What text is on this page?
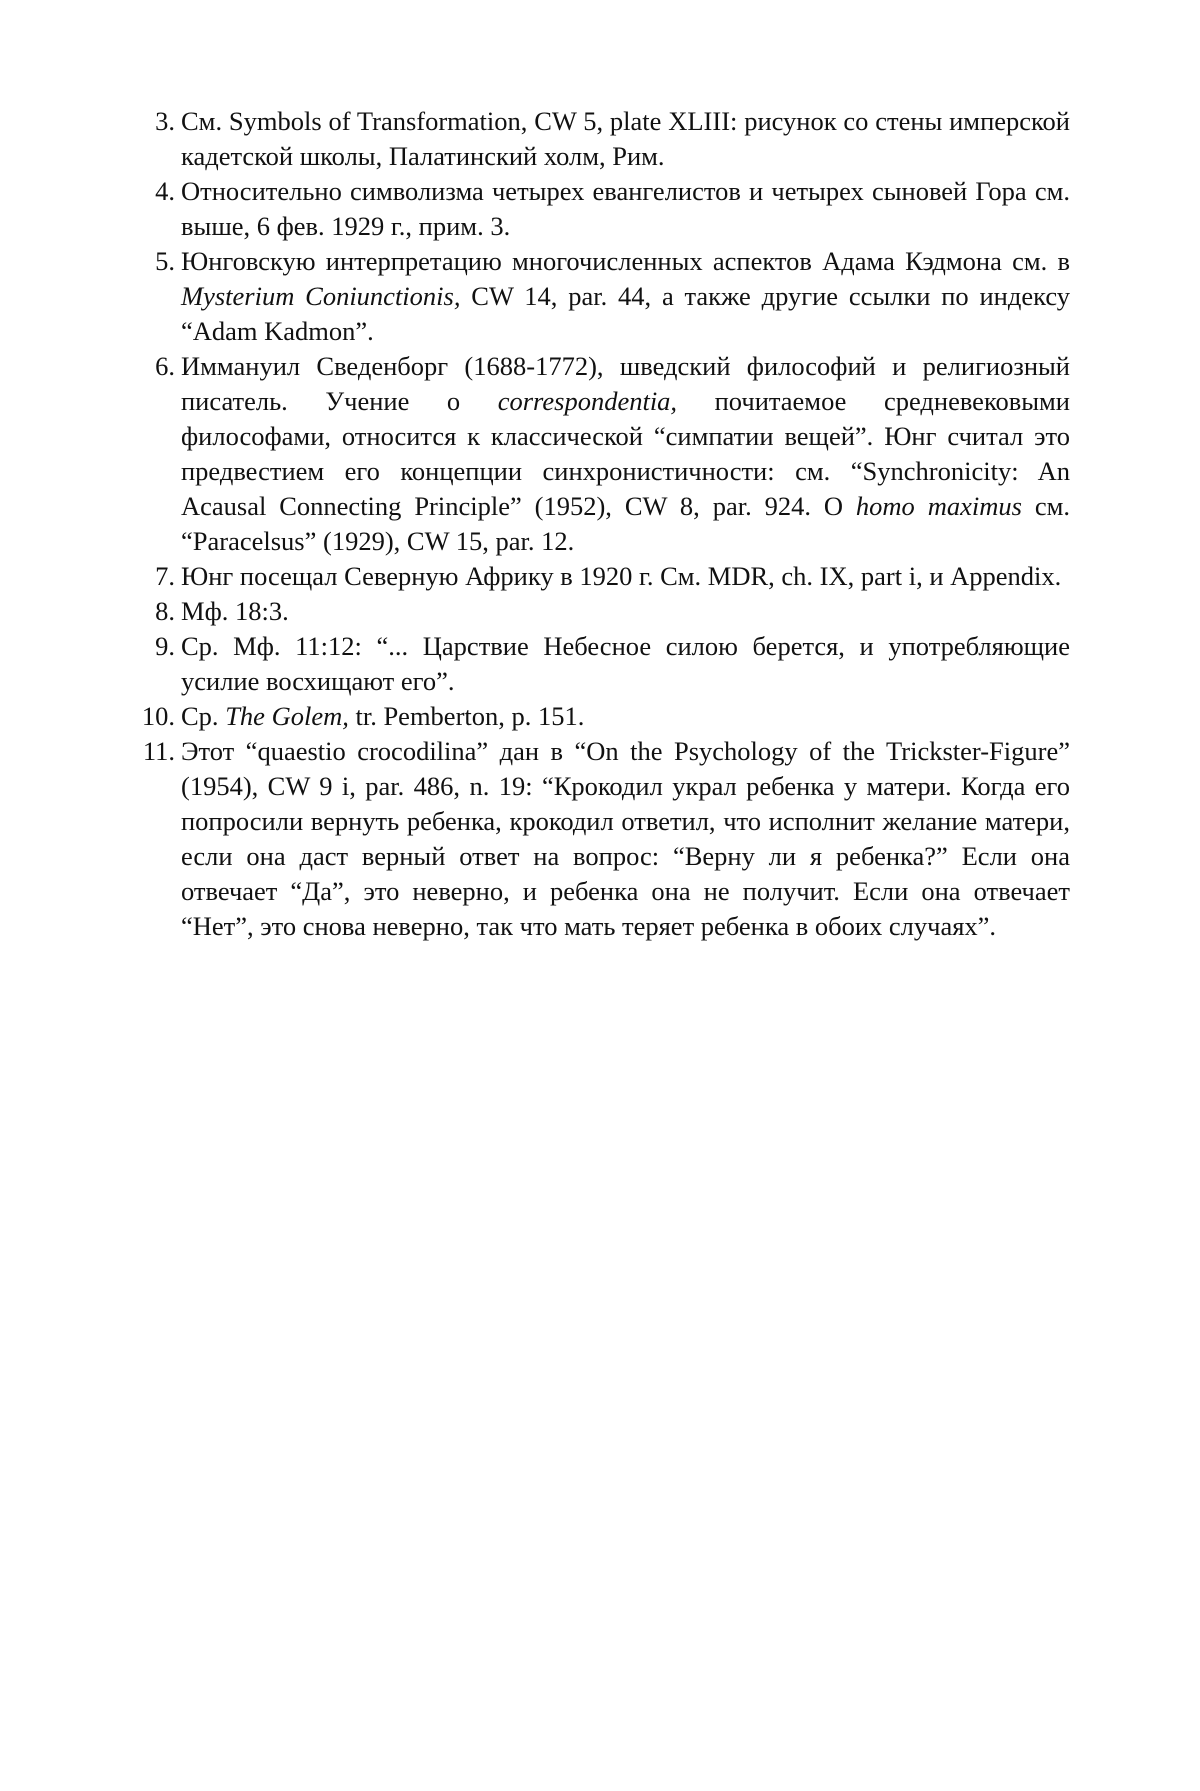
3. См. Symbols of Transformation, CW 5, plate XLIII: рисунок со стены имперской кадетской школы, Палатинский холм, Рим.
4. Относительно символизма четырех евангелистов и четырех сыновей Гора см. выше, 6 фев. 1929 г., прим. 3.
5. Юнговскую интерпретацию многочисленных аспектов Адама Кэдмона см. в Mysterium Coniunctionis, CW 14, par. 44, а также другие ссылки по индексу “Adam Kadmon”.
6. Иммануил Сведенборг (1688-1772), шведский философий и религиозный писатель. Учение о correspondentia, почитаемое средневековыми философами, относится к классической “симпатии вещей”. Юнг считал это предвестием его концепции синхронистичности: см. “Synchronicity: An Acausal Connecting Principle” (1952), CW 8, par. 924. О homo maximus см. “Paracelsus” (1929), CW 15, par. 12.
7. Юнг посещал Северную Африку в 1920 г. См. MDR, ch. IX, part i, и Appendix.
8. Мф. 18:3.
9. Ср. Мф. 11:12: “... Царствие Небесное силою берется, и употребляющие усилие восхищают его”.
10. Ср. The Golem, tr. Pemberton, p. 151.
11. Этот “quaestio crocodilina” дан в “On the Psychology of the Trickster-Figure” (1954), CW 9 i, par. 486, n. 19: “Крокодил украл ребенка у матери. Когда его попросили вернуть ребенка, крокодил ответил, что исполнит желание матери, если она даст верный ответ на вопрос: “Верну ли я ребенка?” Если она отвечает “Да”, это неверно, и ребенка она не получит. Если она отвечает “Нет”, это снова неверно, так что мать теряет ребенка в обоих случаях”.
